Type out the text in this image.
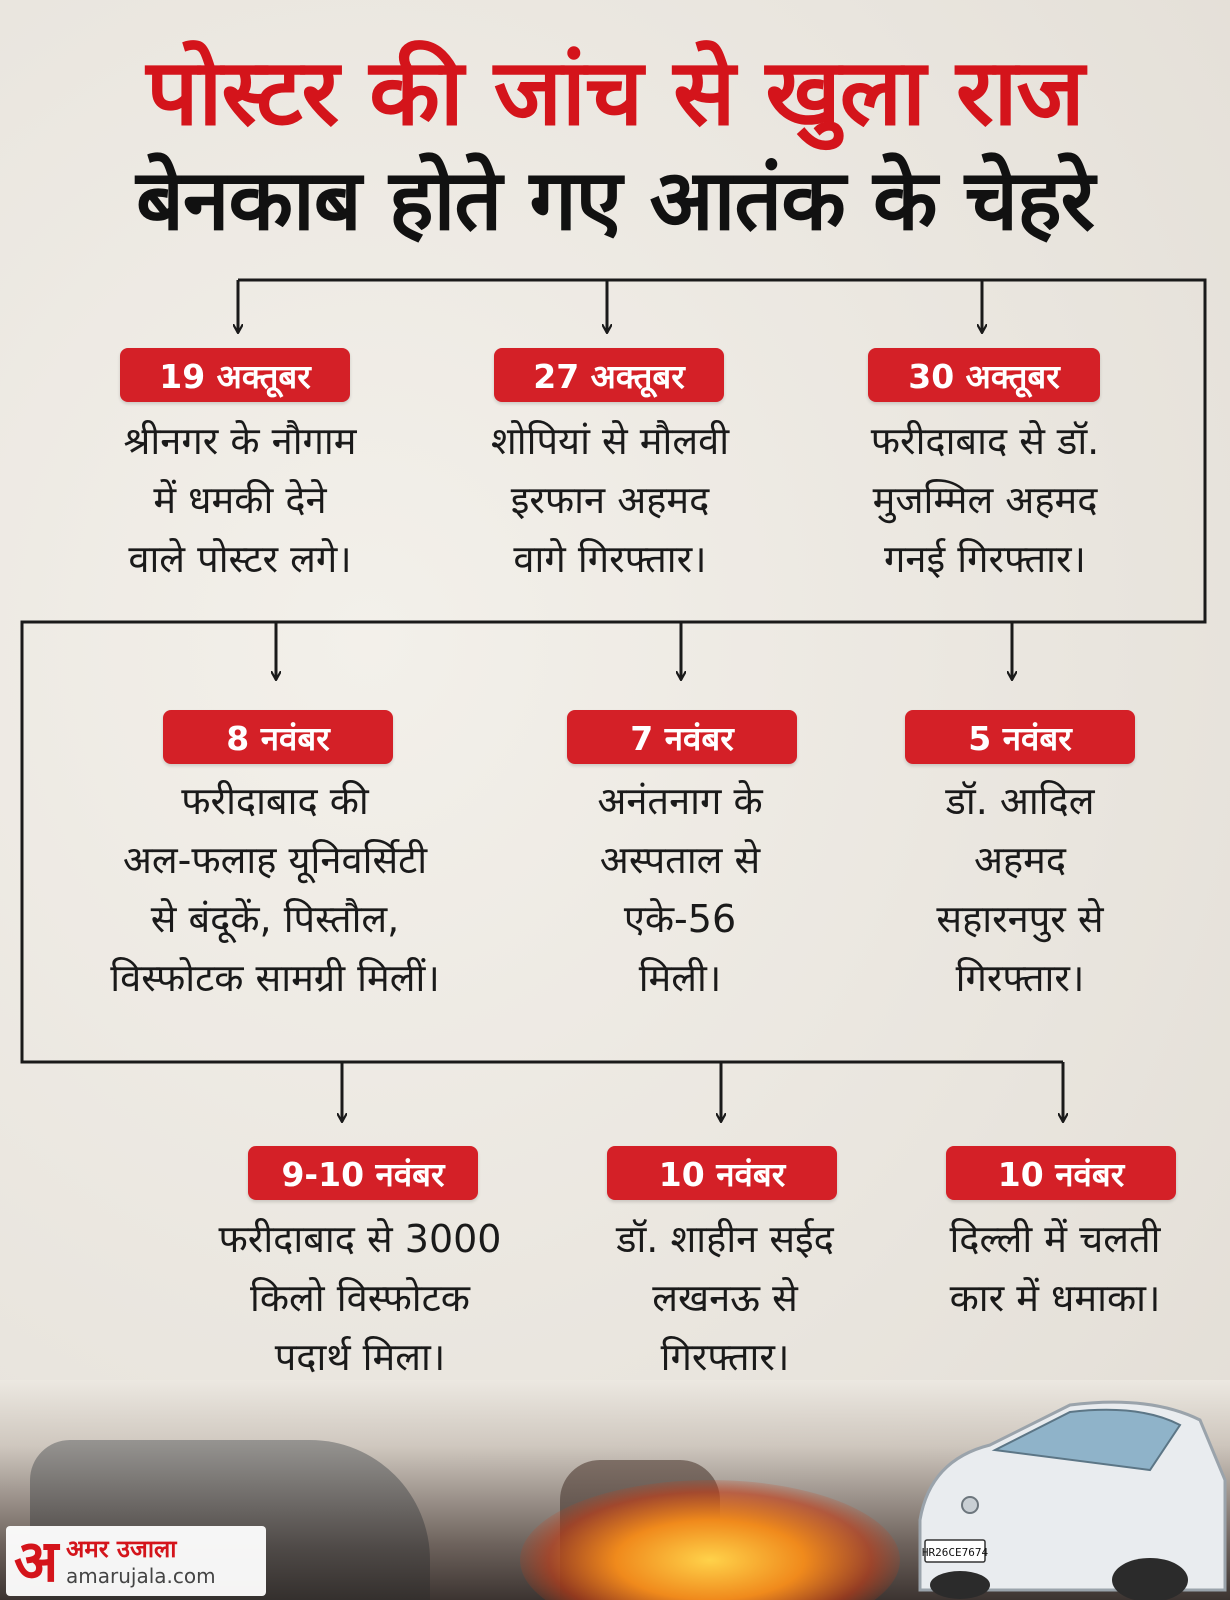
पोस्टर की जांच से खुला राज
बेनकाब होते गए आतंक के चेहरे
19 अक्तूबर
श्रीनगर के नौगाम
में धमकी देने
वाले पोस्टर लगे।
27 अक्तूबर
शोपियां से मौलवी
इरफान अहमद
वागे गिरफ्तार।
30 अक्तूबर
फरीदाबाद से डॉ.
मुजम्मिल अहमद
गनई गिरफ्तार।
8 नवंबर
फरीदाबाद की
अल-फलाह यूनिवर्सिटी
से बंदूकें, पिस्तौल,
विस्फोटक सामग्री मिलीं।
7 नवंबर
अनंतनाग के
अस्पताल से
एके-56
मिली।
5 नवंबर
डॉ. आदिल
अहमद
सहारनपुर से
गिरफ्तार।
9-10 नवंबर
फरीदाबाद से 3000
किलो विस्फोटक
पदार्थ मिला।
10 नवंबर
डॉ. शाहीन सईद
लखनऊ से
गिरफ्तार।
10 नवंबर
दिल्ली में चलती
कार में धमाका।
HR26CE7674
अ अमर उजाला
amarujala.com
